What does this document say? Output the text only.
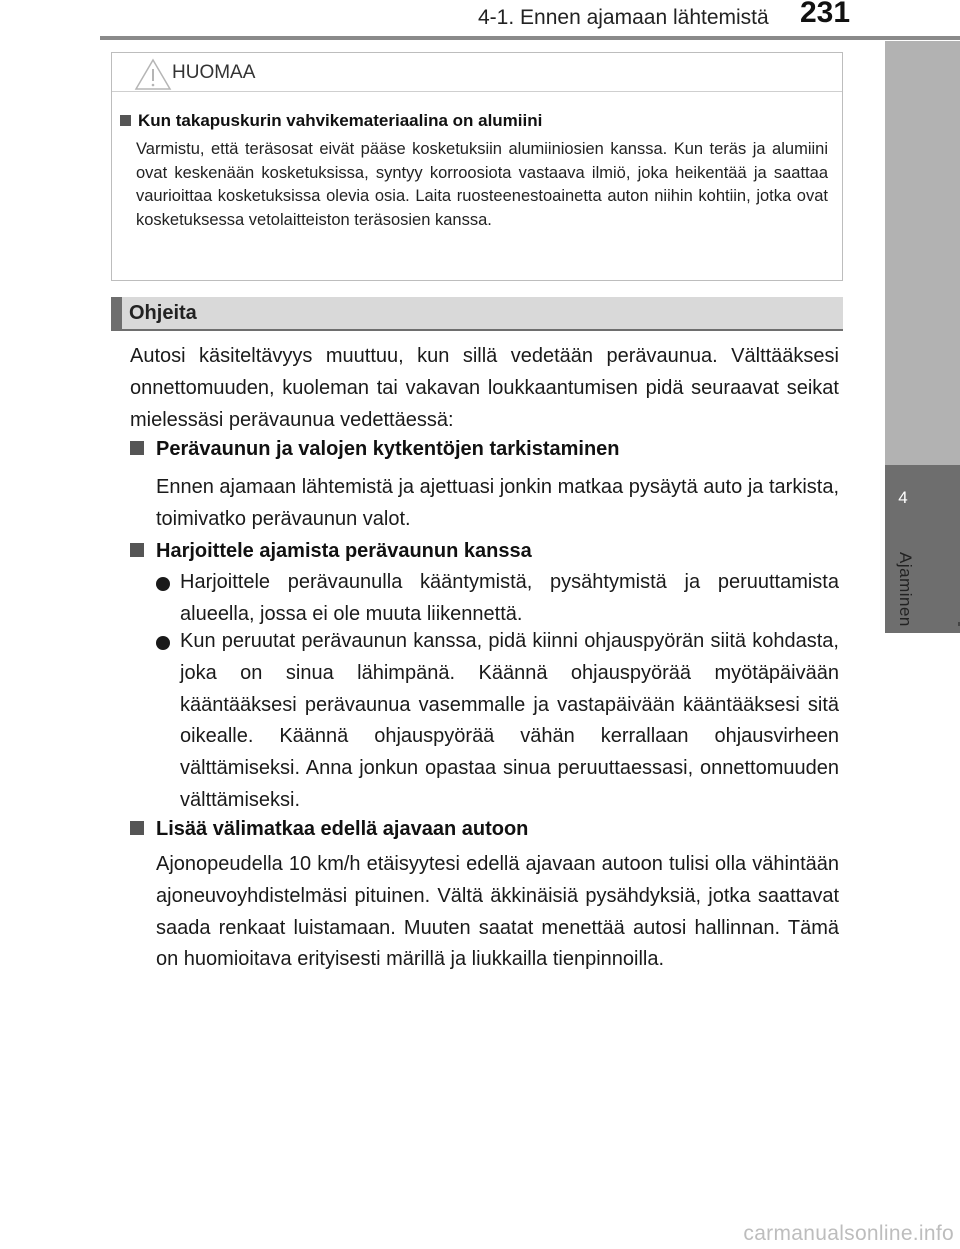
4-1. Ennen ajamaan lähtemistä 231
4
Ajaminen
HUOMAA
Kun takapuskurin vahvikemateriaalina on alumiini
Varmistu, että teräsosat eivät pääse kosketuksiin alumiiniosien kanssa. Kun teräs ja alumiini ovat keskenään kosketuksissa, syntyy korroosiota vastaava ilmiö, joka heikentää ja saattaa vaurioittaa kosketuksissa olevia osia. Laita ruosteenestoainetta auton niihin kohtiin, jotka ovat kosketuksessa vetolaitteiston teräsosien kanssa.
Ohjeita
Autosi käsiteltävyys muuttuu, kun sillä vedetään perävaunua. Välttääksesi onnettomuuden, kuoleman tai vakavan loukkaantumisen pidä seuraavat seikat mielessäsi perävaunua vedettäessä:
Perävaunun ja valojen kytkentöjen tarkistaminen
Ennen ajamaan lähtemistä ja ajettuasi jonkin matkaa pysäytä auto ja tarkista, toimivatko perävaunun valot.
Harjoittele ajamista perävaunun kanssa
Harjoittele perävaunulla kääntymistä, pysähtymistä ja peruuttamista alueella, jossa ei ole muuta liikennettä.
Kun peruutat perävaunun kanssa, pidä kiinni ohjauspyörän siitä kohdasta, joka on sinua lähimpänä. Käännä ohjauspyörää myötäpäivään kääntääksesi perävaunua vasemmalle ja vastapäivään kääntääksesi sitä oikealle. Käännä ohjauspyörää vähän kerrallaan ohjausvirheen välttämiseksi. Anna jonkun opastaa sinua peruuttaessasi, onnettomuuden välttämiseksi.
Lisää välimatkaa edellä ajavaan autoon
Ajonopeudella 10 km/h etäisyytesi edellä ajavaan autoon tulisi olla vähintään ajoneuvoyhdistelmäsi pituinen. Vältä äkkinäisiä pysähdyksiä, jotka saattavat saada renkaat luistamaan. Muuten saatat menettää autosi hallinnan. Tämä on huomioitava erityisesti märillä ja liukkailla tienpinnoilla.
carmanualsonline.info
